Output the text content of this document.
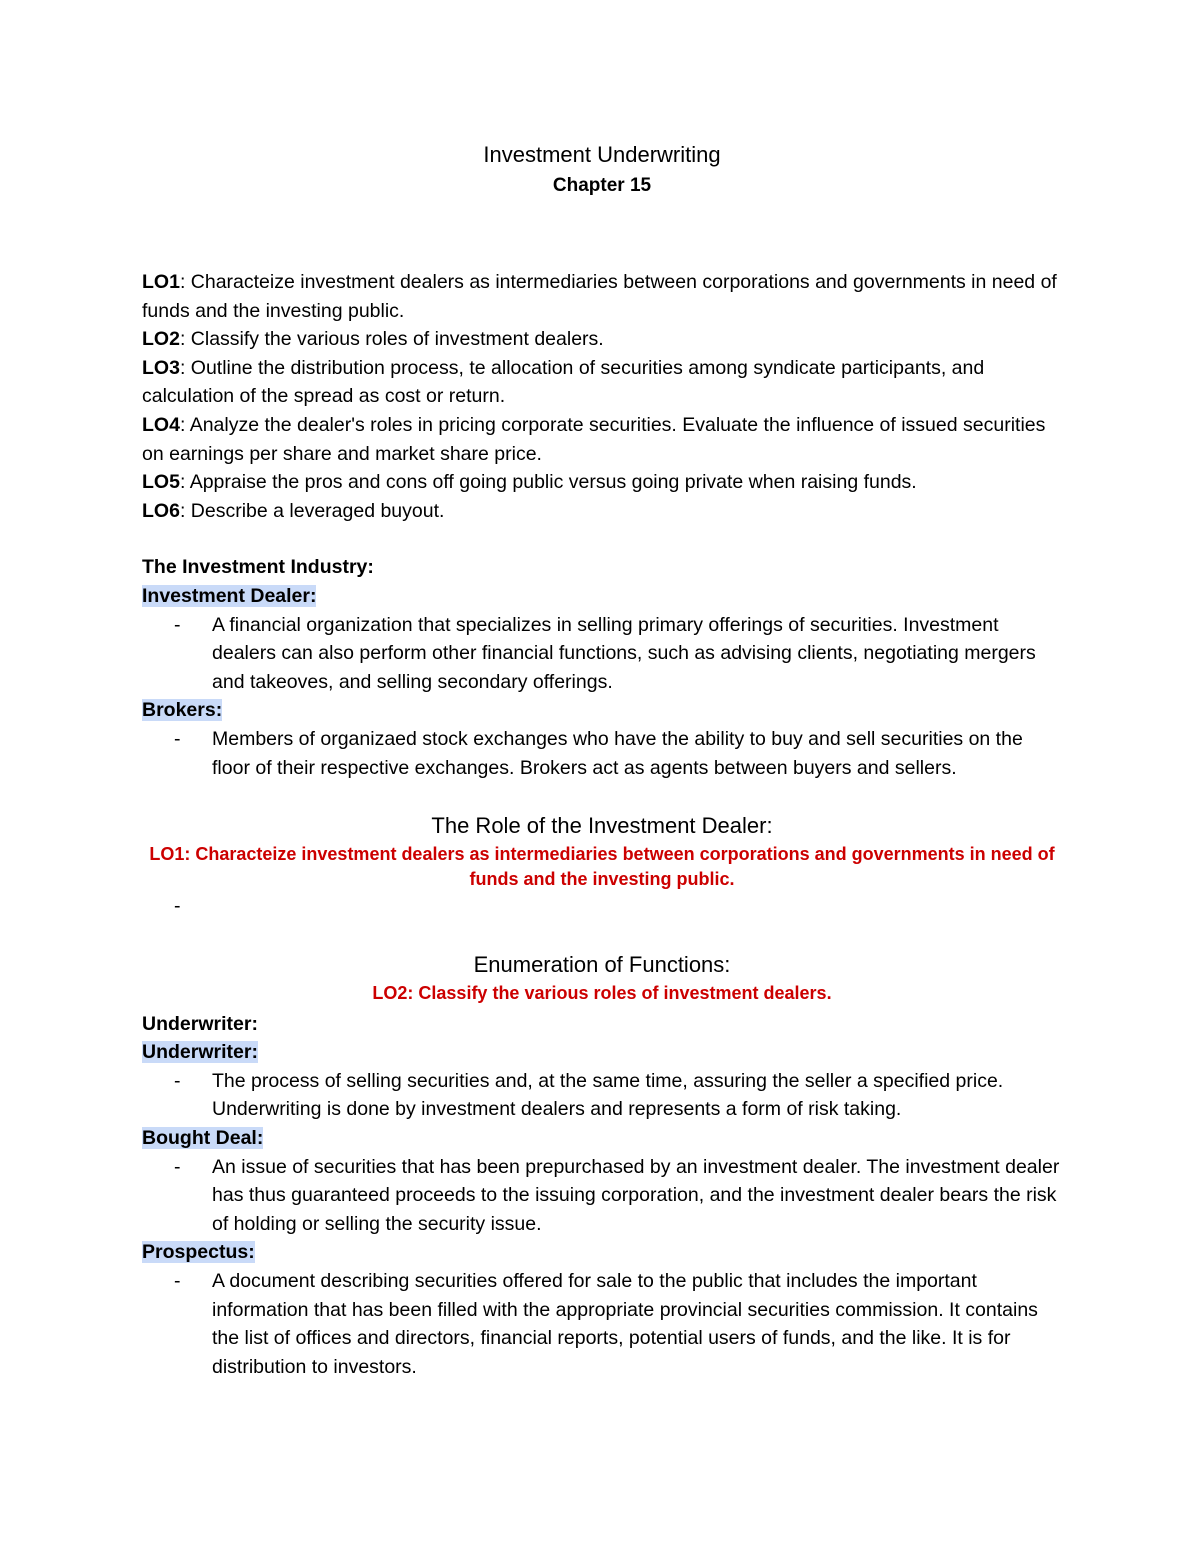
Investment Underwriting

Chapter 15

LO1: Characteize investment dealers as intermediaries between corporations and governments in need of funds and the investing public.

LO2: Classify the various roles of investment dealers.

LO3: Outline the distribution process, te allocation of securities among syndicate participants, and calculation of the spread as cost or return.

LO4: Analyze the dealer's roles in pricing corporate securities. Evaluate the influence of issued securities on earnings per share and market share price.

LO5: Appraise the pros and cons off going public versus going private when raising funds.

LO6: Describe a leveraged buyout.

The Investment Industry:

Investment Dealer:

- A financial organization that specializes in selling primary offerings of securities. Investment dealers can also perform other financial functions, such as advising clients, negotiating mergers and takeoves, and selling secondary offerings.

Brokers:

- Members of organizaed stock exchanges who have the ability to buy and sell securities on the floor of their respective exchanges. Brokers act as agents between buyers and sellers.

The Role of the Investment Dealer:

LO1: Characteize investment dealers as intermediaries between corporations and governments in need of funds and the investing public.

-

Enumeration of Functions:

LO2: Classify the various roles of investment dealers.

Underwriter:

Underwriter:

- The process of selling securities and, at the same time, assuring the seller a specified price. Underwriting is done by investment dealers and represents a form of risk taking.

Bought Deal:

- An issue of securities that has been prepurchased by an investment dealer. The investment dealer has thus guaranteed proceeds to the issuing corporation, and the investment dealer bears the risk of holding or selling the security issue.

Prospectus:

- A document describing securities offered for sale to the public that includes the important information that has been filled with the appropriate provincial securities commission. It contains the list of offices and directors, financial reports, potential users of funds, and the like. It is for distribution to investors.
